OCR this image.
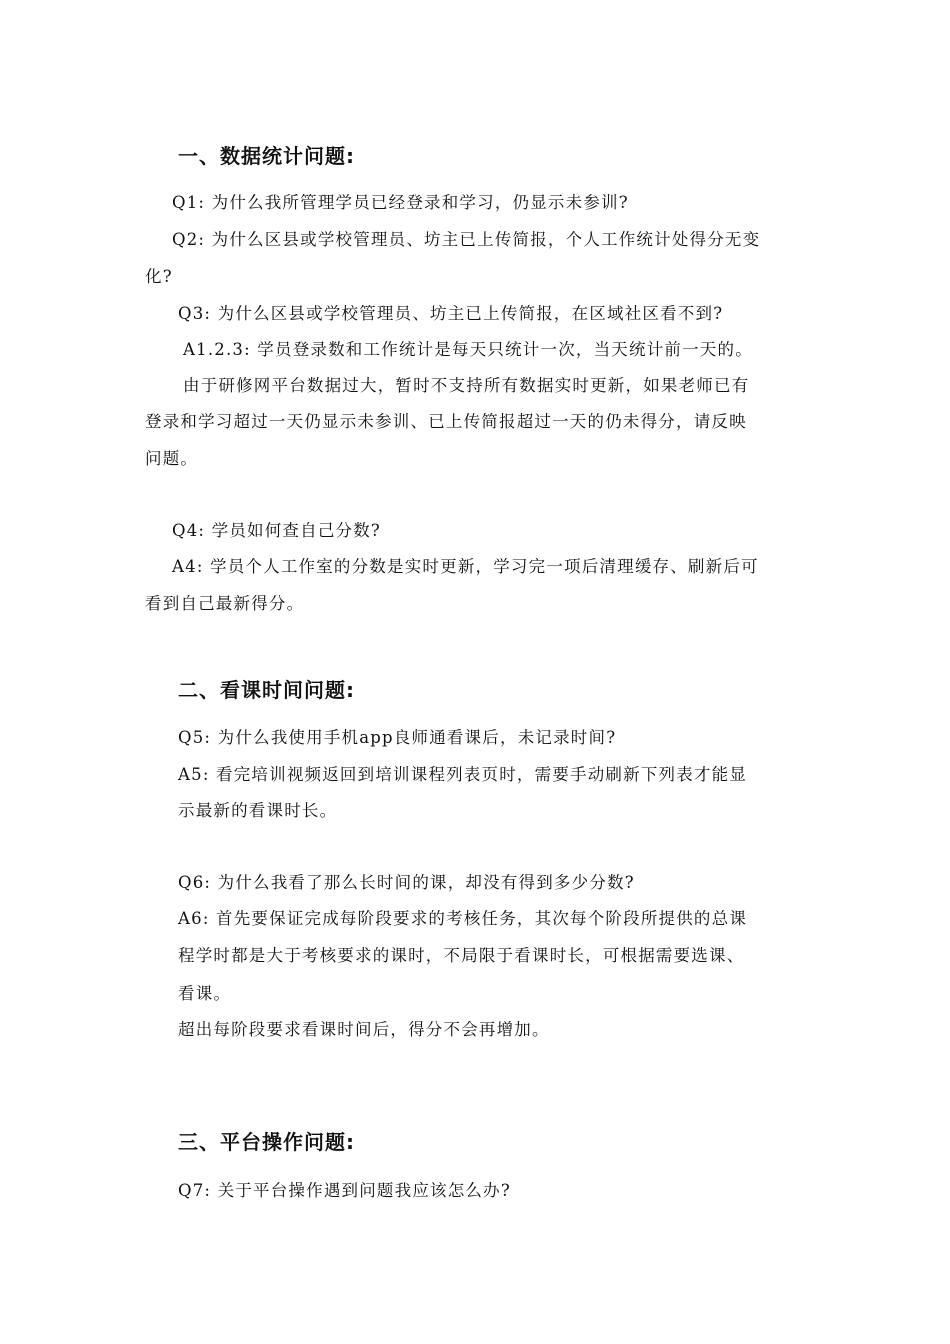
一、数据统计问题:
Q1: 为什么我所管理学员已经登录和学习，仍显示未参训?
Q2: 为什么区县或学校管理员、坊主已上传简报，个人工作统计处得分无变
化?
Q3: 为什么区县或学校管理员、坊主已上传简报，在区域社区看不到?
A1.2.3: 学员登录数和工作统计是每天只统计一次，当天统计前一天的。
由于研修网平台数据过大，暂时不支持所有数据实时更新，如果老师已有
登录和学习超过一天仍显示未参训、已上传简报超过一天的仍未得分，请反映
问题。
Q4: 学员如何查自己分数?
A4: 学员个人工作室的分数是实时更新，学习完一项后清理缓存、刷新后可
看到自己最新得分。
二、看课时间问题:
Q5: 为什么我使用手机app良师通看课后，未记录时间?
A5: 看完培训视频返回到培训课程列表页时，需要手动刷新下列表才能显
示最新的看课时长。
Q6: 为什么我看了那么长时间的课，却没有得到多少分数?
A6: 首先要保证完成每阶段要求的考核任务，其次每个阶段所提供的总课
程学时都是大于考核要求的课时，不局限于看课时长，可根据需要选课、
看课。
超出每阶段要求看课时间后，得分不会再增加。
三、平台操作问题:
Q7: 关于平台操作遇到问题我应该怎么办?
